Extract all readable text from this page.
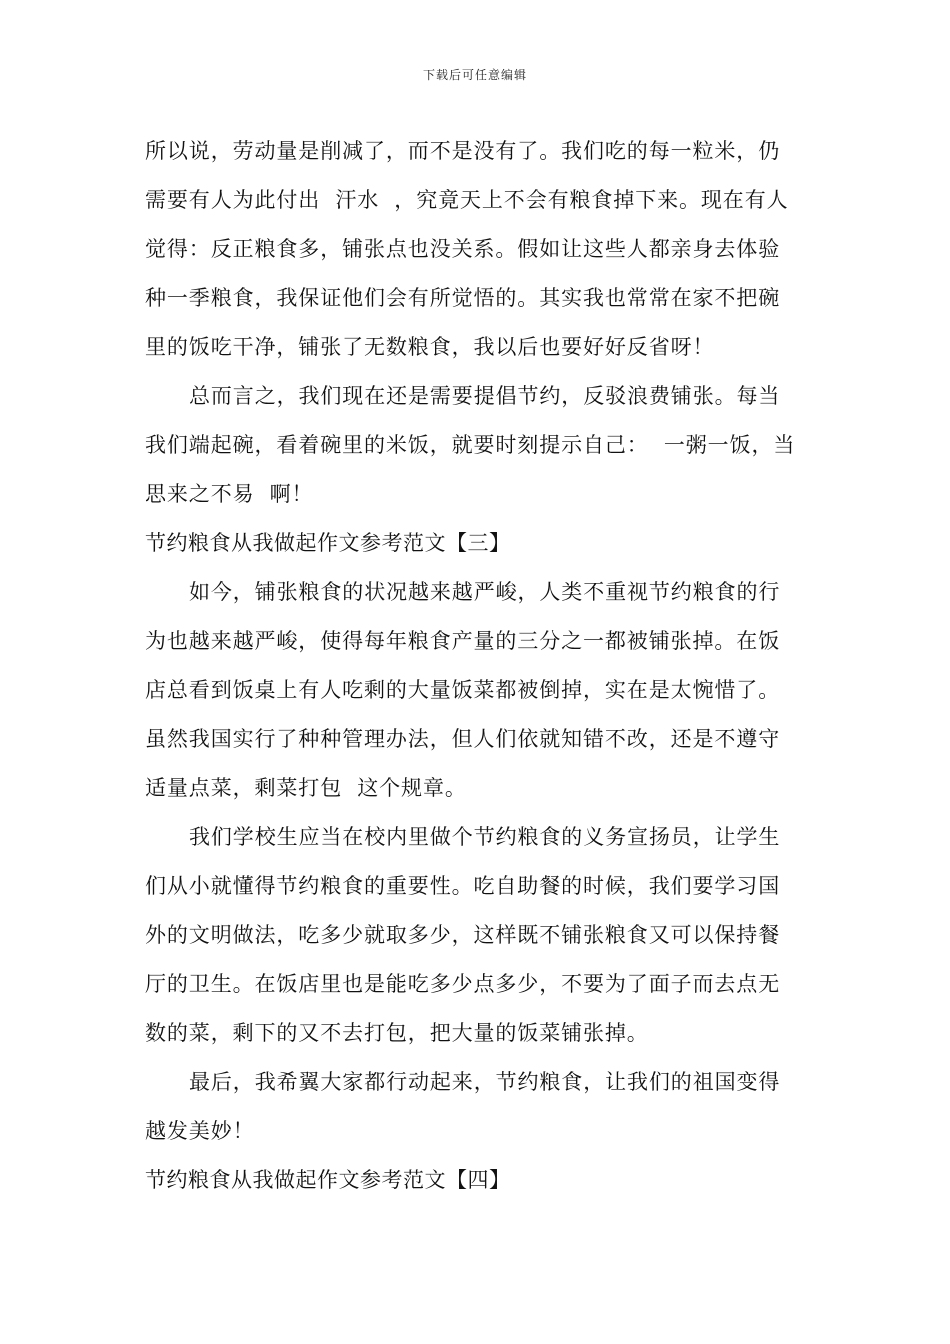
下载后可任意编辑
所以说，劳动量是削减了，而不是没有了。我们吃的每一粒米，仍
需要有人为此付出  汗水  ，究竟天上不会有粮食掉下来。现在有人
觉得：反正粮食多，铺张点也没关系。假如让这些人都亲身去体验
种一季粮食，我保证他们会有所觉悟的。其实我也常常在家不把碗
里的饭吃干净，铺张了无数粮食，我以后也要好好反省呀！
总而言之，我们现在还是需要提倡节约，反驳浪费铺张。每当
我们端起碗，看着碗里的米饭，就要时刻提示自己：  一粥一饭，当
思来之不易  啊！
节约粮食从我做起作文参考范文【三】
如今，铺张粮食的状况越来越严峻，人类不重视节约粮食的行
为也越来越严峻，使得每年粮食产量的三分之一都被铺张掉。在饭
店总看到饭桌上有人吃剩的大量饭菜都被倒掉，实在是太惋惜了。
虽然我国实行了种种管理办法，但人们依就知错不改，还是不遵守
适量点菜，剩菜打包  这个规章。
我们学校生应当在校内里做个节约粮食的义务宣扬员，让学生
们从小就懂得节约粮食的重要性。吃自助餐的时候，我们要学习国
外的文明做法，吃多少就取多少，这样既不铺张粮食又可以保持餐
厅的卫生。在饭店里也是能吃多少点多少，不要为了面子而去点无
数的菜，剩下的又不去打包，把大量的饭菜铺张掉。
最后，我希翼大家都行动起来，节约粮食，让我们的祖国变得
越发美妙！
节约粮食从我做起作文参考范文【四】
